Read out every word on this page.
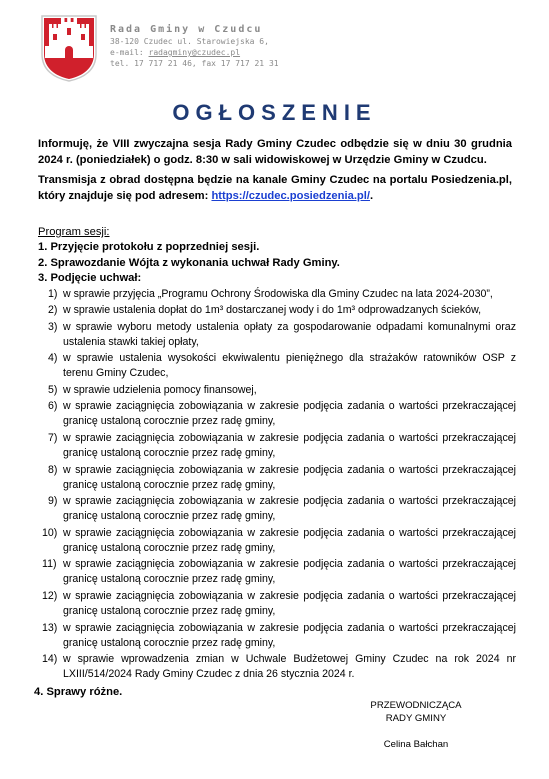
Rada Gminy w Czudcu
38-120 Czudec ul. Starowiejska 6,
e-mail: radagminy@czudec.pl
tel. 17 717 21 46, fax 17 717 21 31
OGŁOSZENIE
Informuję, że VIII zwyczajna sesja Rady Gminy Czudec odbędzie się w dniu 30 grudnia 2024 r. (poniedziałek) o godz. 8:30 w sali widowiskowej w Urzędzie Gminy w Czudcu.
Transmisja z obrad dostępna będzie na kanale Gminy Czudec na portalu Posiedzenia.pl, który znajduje się pod adresem: https://czudec.posiedzenia.pl/.
Program sesji:
1. Przyjęcie protokołu z poprzedniej sesji.
2. Sprawozdanie Wójta z wykonania uchwał Rady Gminy.
3. Podjęcie uchwał:
1) w sprawie przyjęcia „Programu Ochrony Środowiska dla Gminy Czudec na lata 2024-2030”,
2) w sprawie ustalenia dopłat do 1m³ dostarczanej wody i do 1m³ odprowadzanych ścieków,
3) w sprawie wyboru metody ustalenia opłaty za gospodarowanie odpadami komunalnymi oraz ustalenia stawki takiej opłaty,
4) w sprawie ustalenia wysokości ekwiwalentu pieniężnego dla strażaków ratowników OSP z terenu Gminy Czudec,
5) w sprawie udzielenia pomocy finansowej,
6) w sprawie zaciągnięcia zobowiązania w zakresie podjęcia zadania o wartości przekraczającej granicę ustaloną corocznie przez radę gminy,
7) w sprawie zaciągnięcia zobowiązania w zakresie podjęcia zadania o wartości przekraczającej granicę ustaloną corocznie przez radę gminy,
8) w sprawie zaciągnięcia zobowiązania w zakresie podjęcia zadania o wartości przekraczającej granicę ustaloną corocznie przez radę gminy,
9) w sprawie zaciągnięcia zobowiązania w zakresie podjęcia zadania o wartości przekraczającej granicę ustaloną corocznie przez radę gminy,
10) w sprawie zaciągnięcia zobowiązania w zakresie podjęcia zadania o wartości przekraczającej granicę ustaloną corocznie przez radę gminy,
11) w sprawie zaciągnięcia zobowiązania w zakresie podjęcia zadania o wartości przekraczającej granicę ustaloną corocznie przez radę gminy,
12) w sprawie zaciągnięcia zobowiązania w zakresie podjęcia zadania o wartości przekraczającej granicę ustaloną corocznie przez radę gminy,
13) w sprawie zaciągnięcia zobowiązania w zakresie podjęcia zadania o wartości przekraczającej granicę ustaloną corocznie przez radę gminy,
14) w sprawie wprowadzenia zmian w Uchwale Budżetowej Gminy Czudec na rok 2024 nr LXIII/514/2024 Rady Gminy Czudec z dnia 26 stycznia 2024 r.
4. Sprawy różne.
PRZEWODNICZĄCA
RADY GMINY
Celina Bałchan
